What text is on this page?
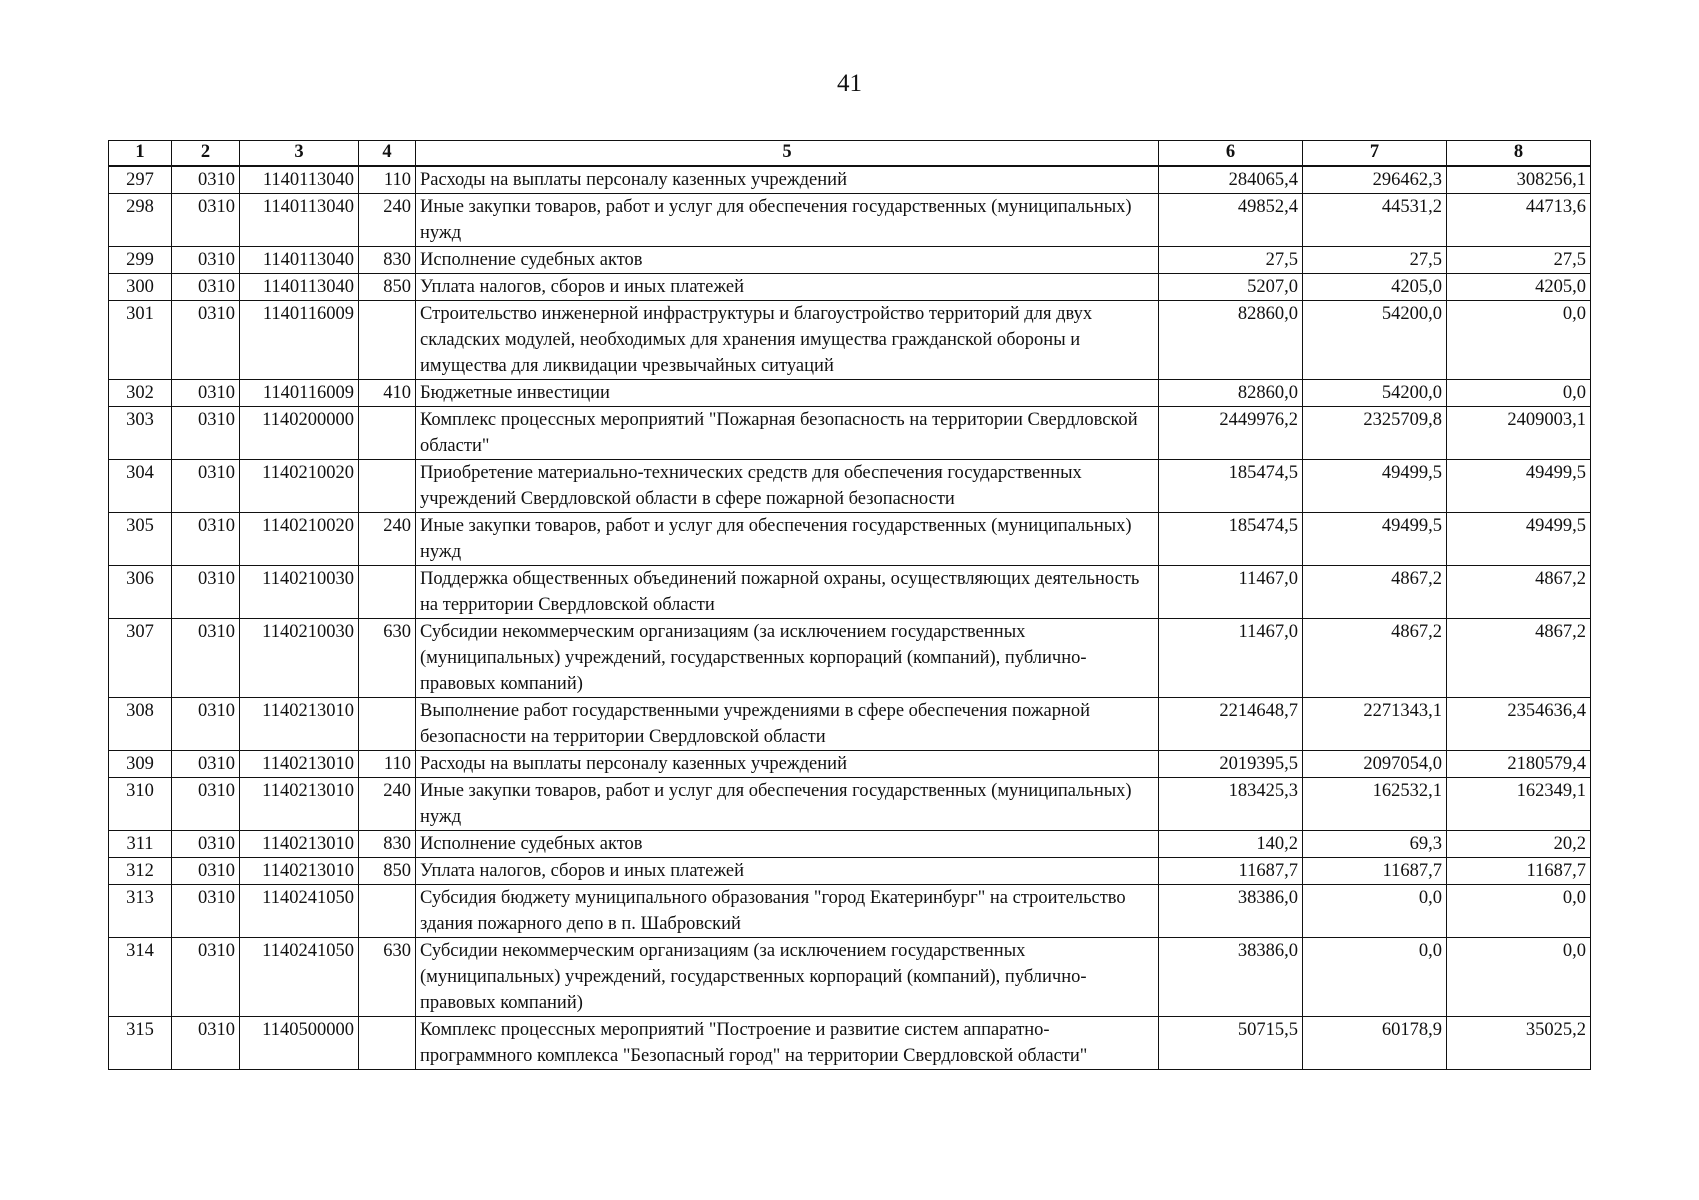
41
1	2	3	4	5	6	7	8
297	0310	1140113040	110	Расходы на выплаты персоналу казенных учреждений	284065,4	296462,3	308256,1
298	0310	1140113040	240	Иные закупки товаров, работ и услуг для обеспечения государственных (муниципальных) нужд	49852,4	44531,2	44713,6
299	0310	1140113040	830	Исполнение судебных актов	27,5	27,5	27,5
300	0310	1140113040	850	Уплата налогов, сборов и иных платежей	5207,0	4205,0	4205,0
301	0310	1140116009		Строительство инженерной инфраструктуры и благоустройство территорий для двух складских модулей, необходимых для хранения имущества гражданской обороны и имущества для ликвидации чрезвычайных ситуаций	82860,0	54200,0	0,0
302	0310	1140116009	410	Бюджетные инвестиции	82860,0	54200,0	0,0
303	0310	1140200000		Комплекс процессных мероприятий "Пожарная безопасность на территории Свердловской области"	2449976,2	2325709,8	2409003,1
304	0310	1140210020		Приобретение материально-технических средств для обеспечения государственных учреждений Свердловской области в сфере пожарной безопасности	185474,5	49499,5	49499,5
305	0310	1140210020	240	Иные закупки товаров, работ и услуг для обеспечения государственных (муниципальных) нужд	185474,5	49499,5	49499,5
306	0310	1140210030		Поддержка общественных объединений пожарной охраны, осуществляющих деятельность на территории Свердловской области	11467,0	4867,2	4867,2
307	0310	1140210030	630	Субсидии некоммерческим организациям (за исключением государственных (муниципальных) учреждений, государственных корпораций (компаний), публично-правовых компаний)	11467,0	4867,2	4867,2
308	0310	1140213010		Выполнение работ государственными учреждениями в сфере обеспечения пожарной безопасности на территории Свердловской области	2214648,7	2271343,1	2354636,4
309	0310	1140213010	110	Расходы на выплаты персоналу казенных учреждений	2019395,5	2097054,0	2180579,4
310	0310	1140213010	240	Иные закупки товаров, работ и услуг для обеспечения государственных (муниципальных) нужд	183425,3	162532,1	162349,1
311	0310	1140213010	830	Исполнение судебных актов	140,2	69,3	20,2
312	0310	1140213010	850	Уплата налогов, сборов и иных платежей	11687,7	11687,7	11687,7
313	0310	1140241050		Субсидия бюджету муниципального образования "город Екатеринбург" на строительство здания пожарного депо в п. Шабровский	38386,0	0,0	0,0
314	0310	1140241050	630	Субсидии некоммерческим организациям (за исключением государственных (муниципальных) учреждений, государственных корпораций (компаний), публично-правовых компаний)	38386,0	0,0	0,0
315	0310	1140500000		Комплекс процессных мероприятий "Построение и развитие систем аппаратно-программного комплекса "Безопасный город" на территории Свердловской области"	50715,5	60178,9	35025,2
